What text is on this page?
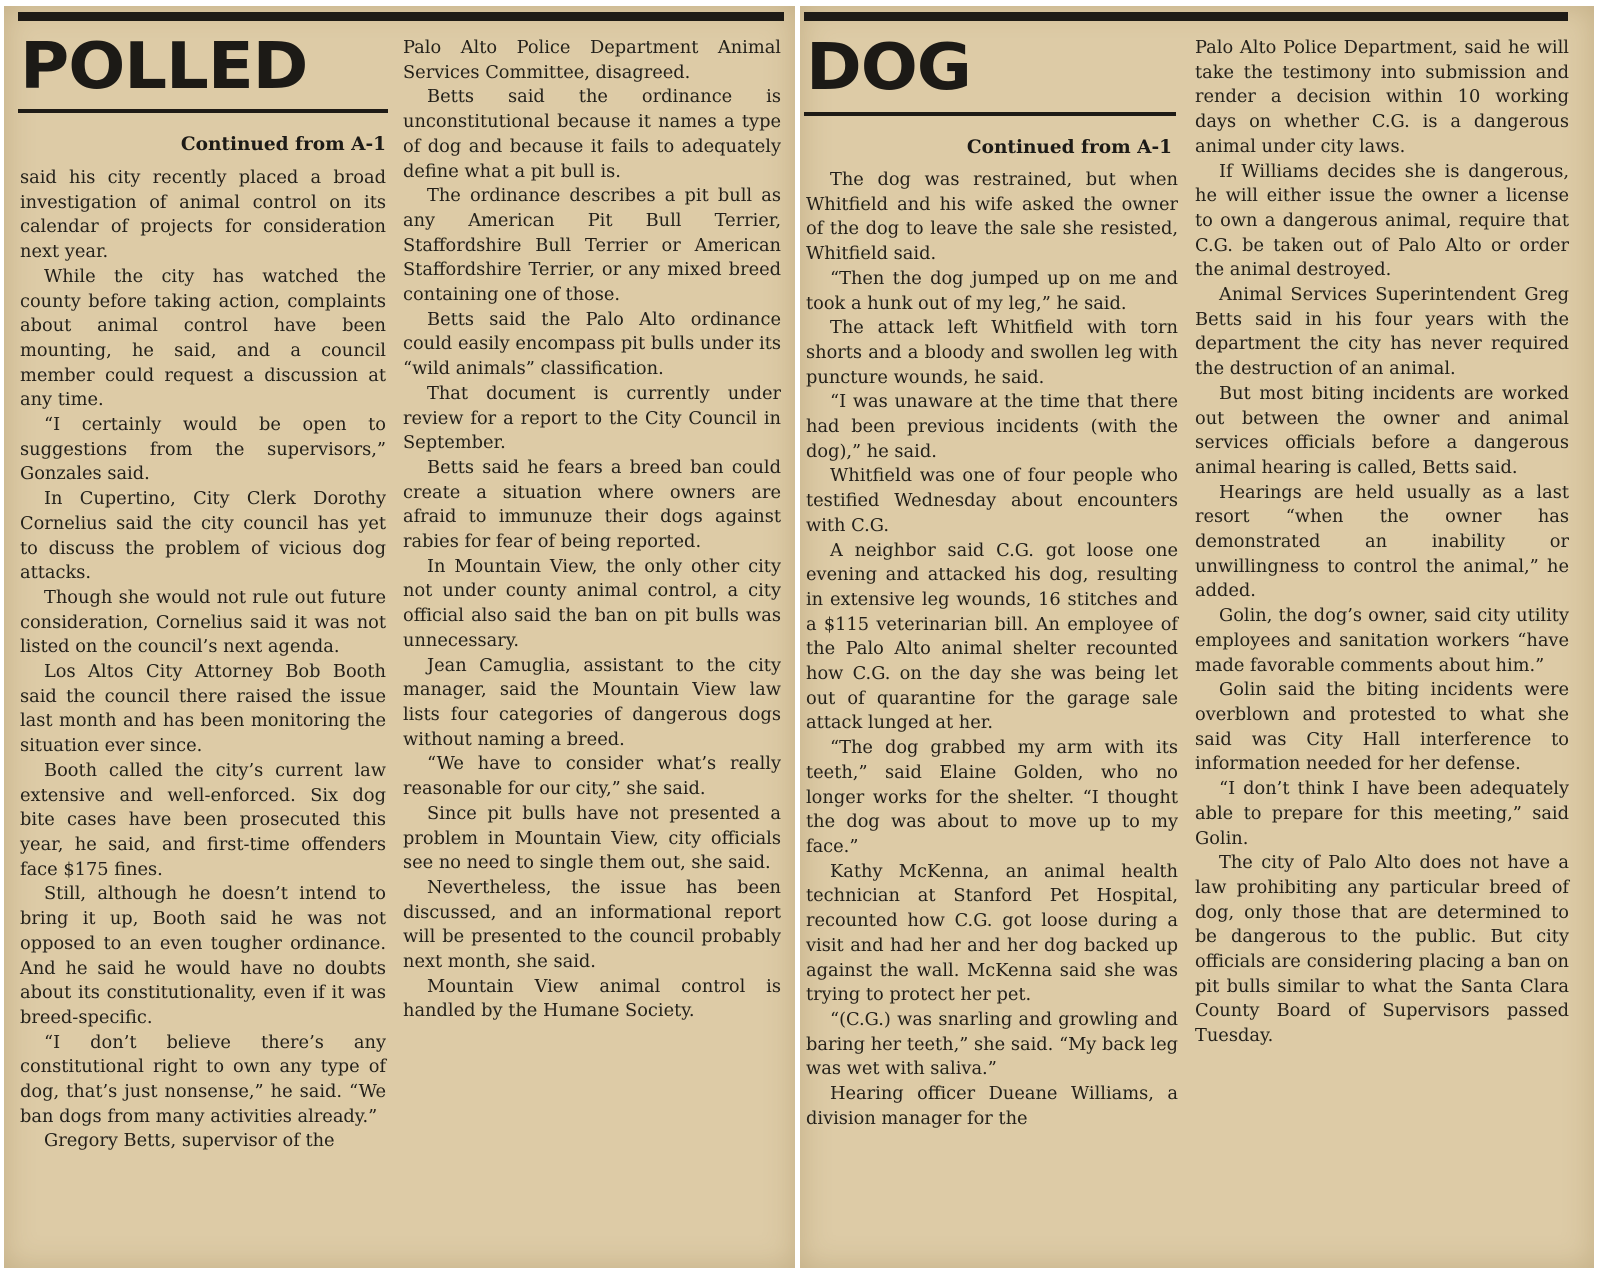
POLLED
Continued from A-1

said his city recently placed a broad investigation of animal control on its calendar of projects for consideration next year.

While the city has watched the county before taking action, complaints about animal control have been mounting, he said, and a council member could request a discussion at any time.

“I certainly would be open to suggestions from the supervisors,” Gonzales said.

In Cupertino, City Clerk Dorothy Cornelius said the city council has yet to discuss the problem of vicious dog attacks.

Though she would not rule out future consideration, Cornelius said it was not listed on the council’s next agenda.

Los Altos City Attorney Bob Booth said the council there raised the issue last month and has been monitoring the situation ever since.

Booth called the city’s current law extensive and well-enforced. Six dog bite cases have been prosecuted this year, he said, and first-time offenders face $175 fines.

Still, although he doesn’t intend to bring it up, Booth said he was not opposed to an even tougher ordinance. And he said he would have no doubts about its constitutionality, even if it was breed-specific.

“I don’t believe there’s any constitutional right to own any type of dog, that’s just nonsense,” he said. “We ban dogs from many activities already.”

Gregory Betts, supervisor of the

Palo Alto Police Department Animal Services Committee, disagreed.

Betts said the ordinance is unconstitutional because it names a type of dog and because it fails to adequately define what a pit bull is.

The ordinance describes a pit bull as any American Pit Bull Terrier, Staffordshire Bull Terrier or American Staffordshire Terrier, or any mixed breed containing one of those.

Betts said the Palo Alto ordinance could easily encompass pit bulls under its “wild animals” classification.

That document is currently under review for a report to the City Council in September.

Betts said he fears a breed ban could create a situation where owners are afraid to immunuze their dogs against rabies for fear of being reported.

In Mountain View, the only other city not under county animal control, a city official also said the ban on pit bulls was unnecessary.

Jean Camuglia, assistant to the city manager, said the Mountain View law lists four categories of dangerous dogs without naming a breed.

“We have to consider what’s really reasonable for our city,” she said.

Since pit bulls have not presented a problem in Mountain View, city officials see no need to single them out, she said.

Nevertheless, the issue has been discussed, and an informational report will be presented to the council probably next month, she said.

Mountain View animal control is handled by the Humane Society.

DOG
Continued from A-1

The dog was restrained, but when Whitfield and his wife asked the owner of the dog to leave the sale she resisted, Whitfield said.

“Then the dog jumped up on me and took a hunk out of my leg,” he said.

The attack left Whitfield with torn shorts and a bloody and swollen leg with puncture wounds, he said.

“I was unaware at the time that there had been previous incidents (with the dog),” he said.

Whitfield was one of four people who testified Wednesday about encounters with C.G.

A neighbor said C.G. got loose one evening and attacked his dog, resulting in extensive leg wounds, 16 stitches and a $115 veterinarian bill. An employee of the Palo Alto animal shelter recounted how C.G. on the day she was being let out of quarantine for the garage sale attack lunged at her.

“The dog grabbed my arm with its teeth,” said Elaine Golden, who no longer works for the shelter. “I thought the dog was about to move up to my face.”

Kathy McKenna, an animal health technician at Stanford Pet Hospital, recounted how C.G. got loose during a visit and had her and her dog backed up against the wall. McKenna said she was trying to protect her pet.

“(C.G.) was snarling and growling and baring her teeth,” she said. “My back leg was wet with saliva.”

Hearing officer Dueane Williams, a division manager for the

Palo Alto Police Department, said he will take the testimony into submission and render a decision within 10 working days on whether C.G. is a dangerous animal under city laws.

If Williams decides she is dangerous, he will either issue the owner a license to own a dangerous animal, require that C.G. be taken out of Palo Alto or order the animal destroyed.

Animal Services Superintendent Greg Betts said in his four years with the department the city has never required the destruction of an animal.

But most biting incidents are worked out between the owner and animal services officials before a dangerous animal hearing is called, Betts said.

Hearings are held usually as a last resort “when the owner has demonstrated an inability or unwillingness to control the animal,” he added.

Golin, the dog’s owner, said city utility employees and sanitation workers “have made favorable comments about him.”

Golin said the biting incidents were overblown and protested to what she said was City Hall interference to information needed for her defense.

“I don’t think I have been adequately able to prepare for this meeting,” said Golin.

The city of Palo Alto does not have a law prohibiting any particular breed of dog, only those that are determined to be dangerous to the public. But city officials are considering placing a ban on pit bulls similar to what the Santa Clara County Board of Supervisors passed Tuesday.
